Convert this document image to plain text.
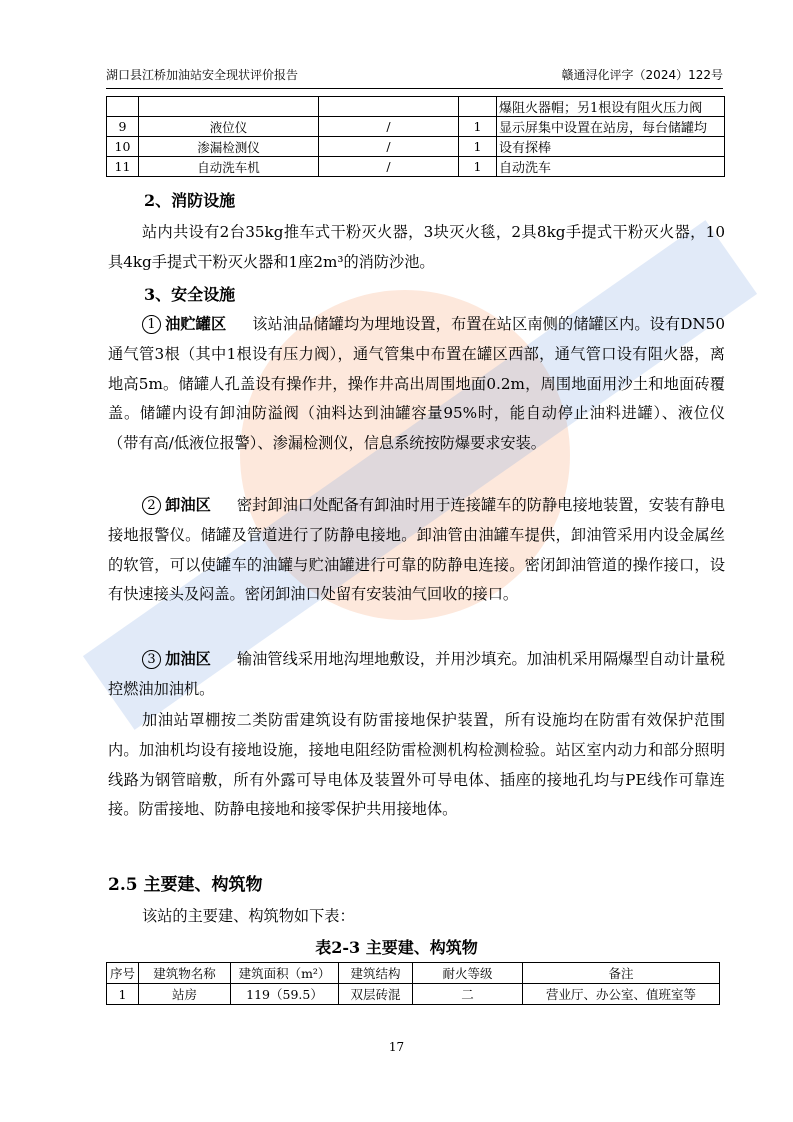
湖口县江桥加油站安全现状评价报告	赣通浔化评字（2024）122号
				爆阻火器帽；另1根设有阻火压力阀
9	液位仪	/	1	显示屏集中设置在站房，每台储罐均
10	渗漏检测仪	/	1	设有探棒
11	自动洗车机	/	1	自动洗车
2、消防设施
站内共设有2台35kg推车式干粉灭火器，3块灭火毯，2具8kg手提式干粉灭火器，10具4kg手提式干粉灭火器和1座2m³的消防沙池。
3、安全设施
1 油贮罐区 该站油品储罐均为埋地设置，布置在站区南侧的储罐区内。设有DN50通气管3根（其中1根设有压力阀），通气管集中布置在罐区西部，通气管口设有阻火器，离地高5m。储罐人孔盖设有操作井，操作井高出周围地面0.2m，周围地面用沙土和地面砖覆盖。储罐内设有卸油防溢阀（油料达到油罐容量95%时，能自动停止油料进罐）、液位仪（带有高/低液位报警）、渗漏检测仪，信息系统按防爆要求安装。
2 卸油区 密封卸油口处配备有卸油时用于连接罐车的防静电接地装置，安装有静电接地报警仪。储罐及管道进行了防静电接地。卸油管由油罐车提供，卸油管采用内设金属丝的软管，可以使罐车的油罐与贮油罐进行可靠的防静电连接。密闭卸油管道的操作接口，设有快速接头及闷盖。密闭卸油口处留有安装油气回收的接口。
3 加油区 输油管线采用地沟埋地敷设，并用沙填充。加油机采用隔爆型自动计量税控燃油加油机。
加油站罩棚按二类防雷建筑设有防雷接地保护装置，所有设施均在防雷有效保护范围内。加油机均设有接地设施，接地电阻经防雷检测机构检测检验。站区室内动力和部分照明线路为钢管暗敷，所有外露可导电体及装置外可导电体、插座的接地孔均与PE线作可靠连接。防雷接地、防静电接地和接零保护共用接地体。
2.5 主要建、构筑物
该站的主要建、构筑物如下表：
表2-3 主要建、构筑物
序号	建筑物名称	建筑面积（m²）	建筑结构	耐火等级	备注
1	站房	119（59.5）	双层砖混	二	营业厅、办公室、值班室等
17
